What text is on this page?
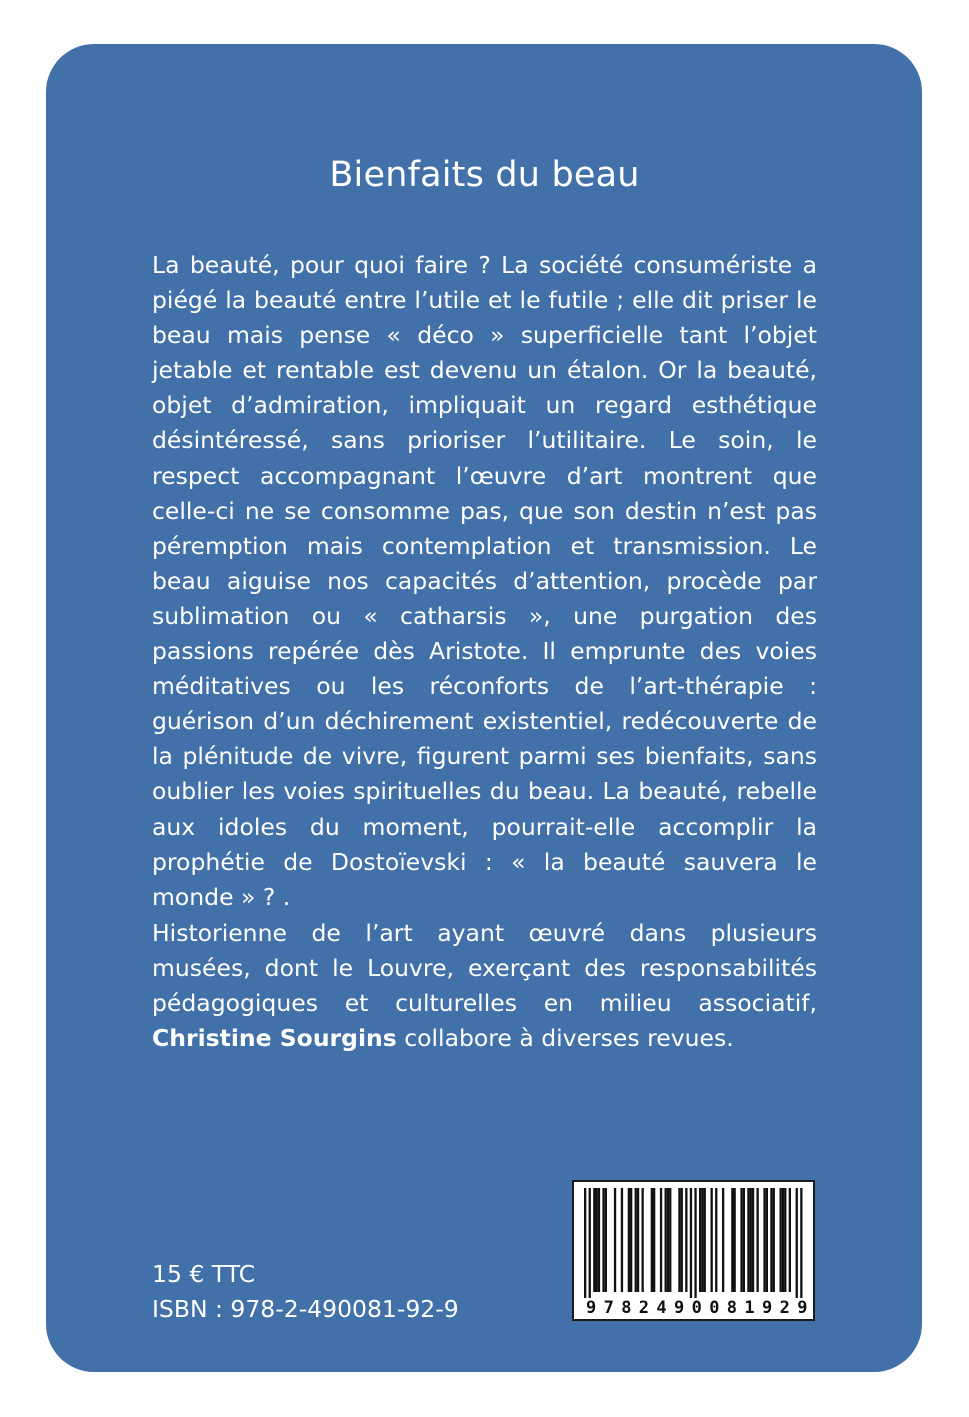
Bienfaits du beau

La beauté, pour quoi faire ? La société consumériste a piégé la beauté entre l’utile et le futile ; elle dit priser le beau mais pense « déco » superficielle tant l’objet jetable et rentable est devenu un étalon. Or la beauté, objet d’admiration, impliquait un regard esthétique désintéressé, sans prioriser l’utilitaire. Le soin, le respect accompagnant l’œuvre d’art montrent que celle-ci ne se consomme pas, que son destin n’est pas péremption mais contemplation et transmission. Le beau aiguise nos capacités d’attention, procède par sublimation ou « catharsis », une purgation des passions repérée dès Aristote. Il emprunte des voies méditatives ou les réconforts de l’art-thérapie : guérison d’un déchirement existentiel, redécouverte de la plénitude de vivre, figurent parmi ses bienfaits, sans oublier les voies spirituelles du beau. La beauté, rebelle aux idoles du moment, pourrait-elle accomplir la prophétie de Dostoïevski : « la beauté sauvera le monde » ? .

Historienne de l’art ayant œuvré dans plusieurs musées, dont le Louvre, exerçant des responsabilités pédagogiques et culturelles en milieu associatif, Christine Sourgins collabore à diverses revues.

15 € TTC
ISBN : 978-2-490081-92-9	9 7 8 2 4 9 0 0 8 1 9 2 9
